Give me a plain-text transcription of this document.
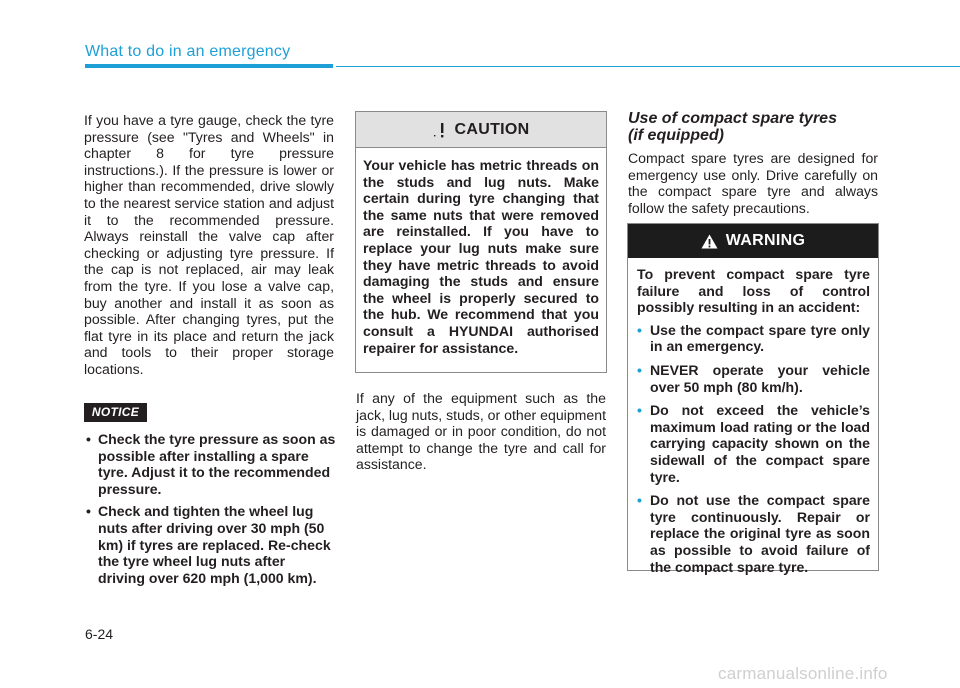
What to do in an emergency

If you have a tyre gauge, check the tyre pressure (see "Tyres and Wheels" in chapter 8 for tyre pressure instructions.). If the pressure is lower or higher than recommended, drive slowly to the nearest service station and adjust it to the recommended pressure. Always reinstall the valve cap after checking or adjusting tyre pressure. If the cap is not replaced, air may leak from the tyre. If you lose a valve cap, buy another and install it as soon as possible. After changing tyres, put the flat tyre in its place and return the jack and tools to their proper storage locations.

NOTICE
• Check the tyre pressure as soon as possible after installing a spare tyre. Adjust it to the recommended pressure.
• Check and tighten the wheel lug nuts after driving over 30 mph (50 km) if tyres are replaced. Re-check the tyre wheel lug nuts after driving over 620 mph (1,000 km).
CAUTION
Your vehicle has metric threads on the studs and lug nuts. Make certain during tyre changing that the same nuts that were removed are reinstalled. If you have to replace your lug nuts make sure they have metric threads to avoid damaging the studs and ensure the wheel is properly secured to the hub. We recommend that you consult a HYUNDAI authorised repairer for assistance.

If any of the equipment such as the jack, lug nuts, studs, or other equipment is damaged or in poor condition, do not attempt to change the tyre and call for assistance.

Use of compact spare tyres
(if equipped)

Compact spare tyres are designed for emergency use only. Drive carefully on the compact spare tyre and always follow the safety precautions.

WARNING
To prevent compact spare tyre failure and loss of control possibly resulting in an accident:
• Use the compact spare tyre only in an emergency.
• NEVER operate your vehicle over 50 mph (80 km/h).
• Do not exceed the vehicle’s maximum load rating or the load carrying capacity shown on the sidewall of the compact spare tyre.
• Do not use the compact spare tyre continuously. Repair or replace the original tyre as soon as possible to avoid failure of the compact spare tyre.
6-24
carmanualsonline.info
